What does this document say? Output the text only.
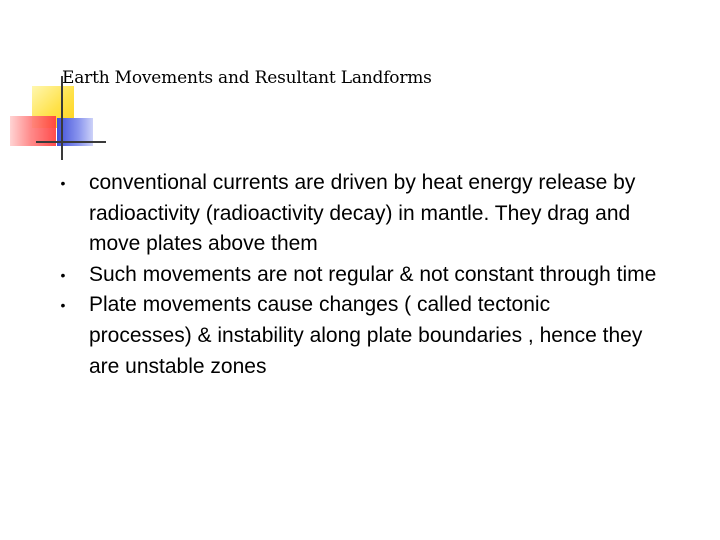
Earth Movements and Resultant Landforms
• conventional currents are driven by heat energy release by radioactivity (radioactivity decay) in mantle. They drag and move plates above them
• Such movements are not regular & not constant through time
• Plate movements cause changes ( called tectonic processes) & instability along plate boundaries , hence they are unstable zones
